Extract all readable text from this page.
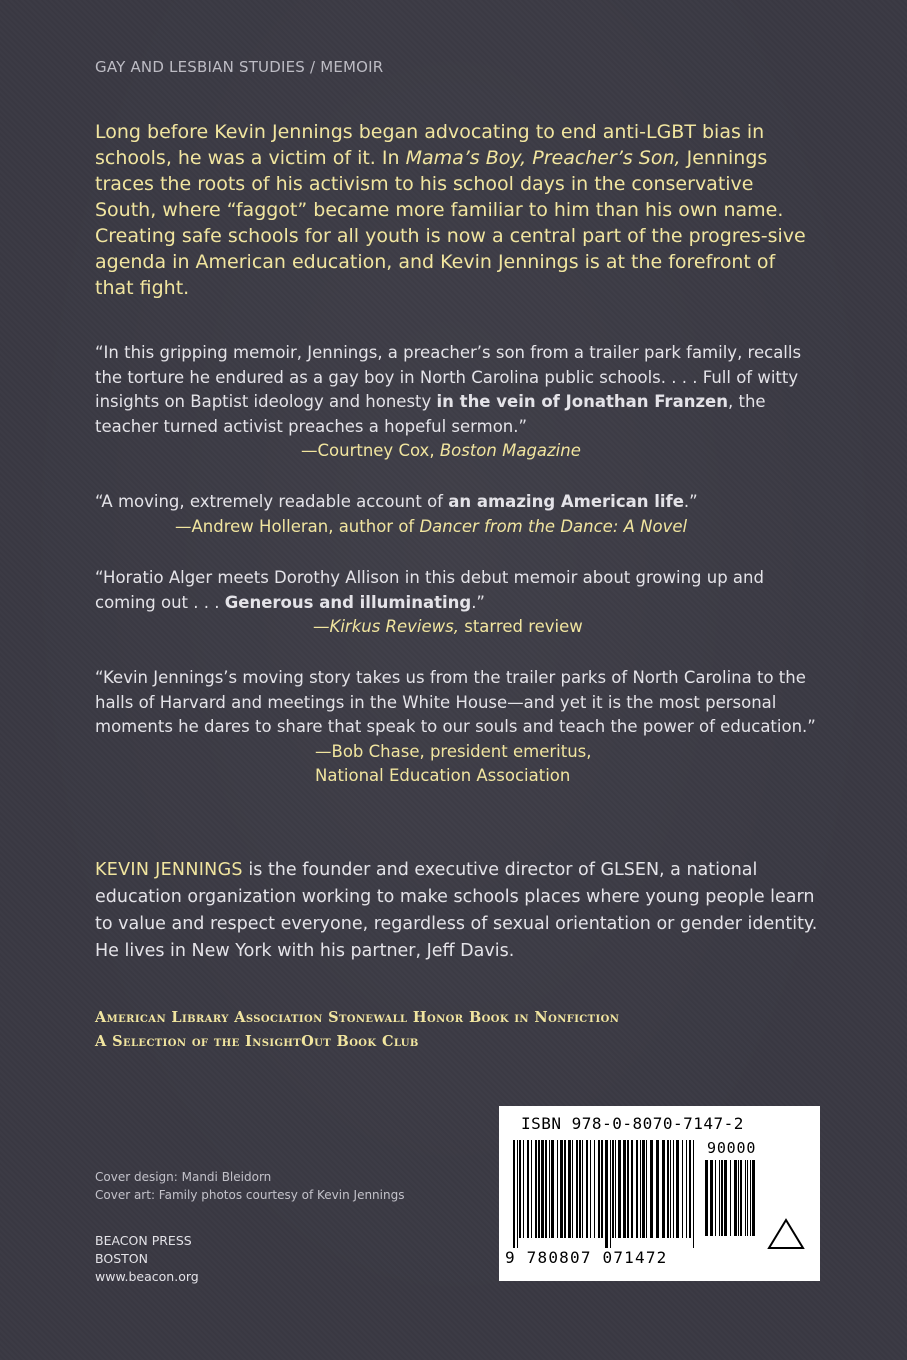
GAY AND LESBIAN STUDIES / MEMOIR

Long before Kevin Jennings began advocating to end anti-LGBT bias in schools, he was a victim of it. In Mama’s Boy, Preacher’s Son, Jennings traces the roots of his activism to his school days in the conservative South, where “faggot” became more familiar to him than his own name. Creating safe schools for all youth is now a central part of the progres-sive agenda in American education, and Kevin Jennings is at the forefront of that fight.

“In this gripping memoir, Jennings, a preacher’s son from a trailer park family, recalls the torture he endured as a gay boy in North Carolina public schools. . . . Full of witty insights on Baptist ideology and honesty in the vein of Jonathan Franzen, the teacher turned activist preaches a hopeful sermon.”

—Courtney Cox, Boston Magazine

“A moving, extremely readable account of an amazing American life.”

—Andrew Holleran, author of Dancer from the Dance: A Novel

“Horatio Alger meets Dorothy Allison in this debut memoir about growing up and coming out . . . Generous and illuminating.”

—Kirkus Reviews, starred review

“Kevin Jennings’s moving story takes us from the trailer parks of North Carolina to the halls of Harvard and meetings in the White House—and yet it is the most personal moments he dares to share that speak to our souls and teach the power of education.”

—Bob Chase, president emeritus,
National Education Association
KEVIN JENNINGS is the founder and executive director of GLSEN, a national education organization working to make schools places where young people learn to value and respect everyone, regardless of sexual orientation or gender identity. He lives in New York with his partner, Jeff Davis.
American Library Association Stonewall Honor Book in Nonfiction
A Selection of the InsightOut Book Club
Cover design: Mandi Bleidorn
Cover art: Family photos courtesy of Kevin Jennings
BEACON PRESS
BOSTON
www.beacon.org
ISBN 978-0-8070-7147-2
90000
9 780807 071472
